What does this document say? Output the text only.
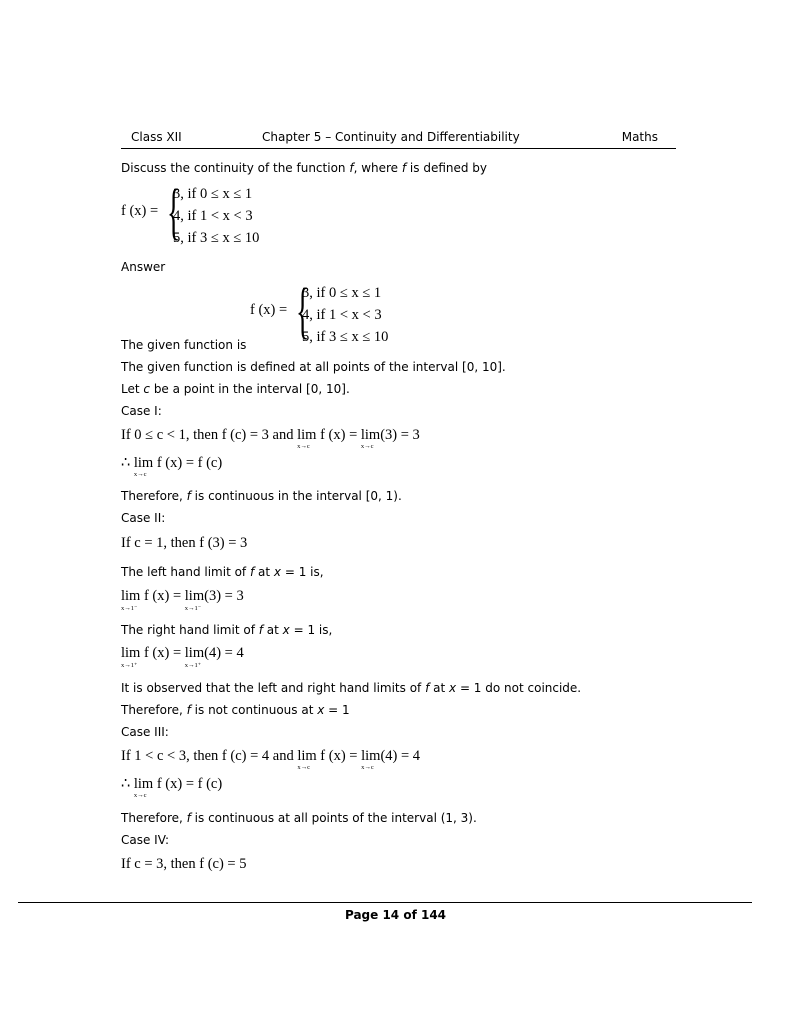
Class XII	Chapter 5 – Continuity and Differentiability	Maths
Discuss the continuity of the function f, where f is defined by
f (x) = {
3, if 0 ≤ x ≤ 1
4, if 1 < x < 3
5, if 3 ≤ x ≤ 10
Answer
f (x) = {
3, if 0 ≤ x ≤ 1
4, if 1 < x < 3
5, if 3 ≤ x ≤ 10
The given function is
The given function is defined at all points of the interval [0, 10].
Let c be a point in the interval [0, 10].
Case I:
If 0 ≤ c < 1, then f (c) = 3 and lim
x→c
f (x) = lim
x→c
(3) = 3
∴ lim
x→c
f (x) = f (c)
Therefore, f is continuous in the interval [0, 1).
Case II:
If c = 1, then f (3) = 3
The left hand limit of f at x = 1 is,
lim
x→1⁻
f (x) = lim
x→1⁻
(3) = 3
The right hand limit of f at x = 1 is,
lim
x→1⁺
f (x) = lim
x→1⁺
(4) = 4
It is observed that the left and right hand limits of f at x = 1 do not coincide.
Therefore, f is not continuous at x = 1
Case III:
If 1 < c < 3, then f (c) = 4 and lim
x→c
f (x) = lim
x→c
(4) = 4
∴ lim
x→c
f (x) = f (c)
Therefore, f is continuous at all points of the interval (1, 3).
Case IV:
If c = 3, then f (c) = 5
Page 14 of 144
